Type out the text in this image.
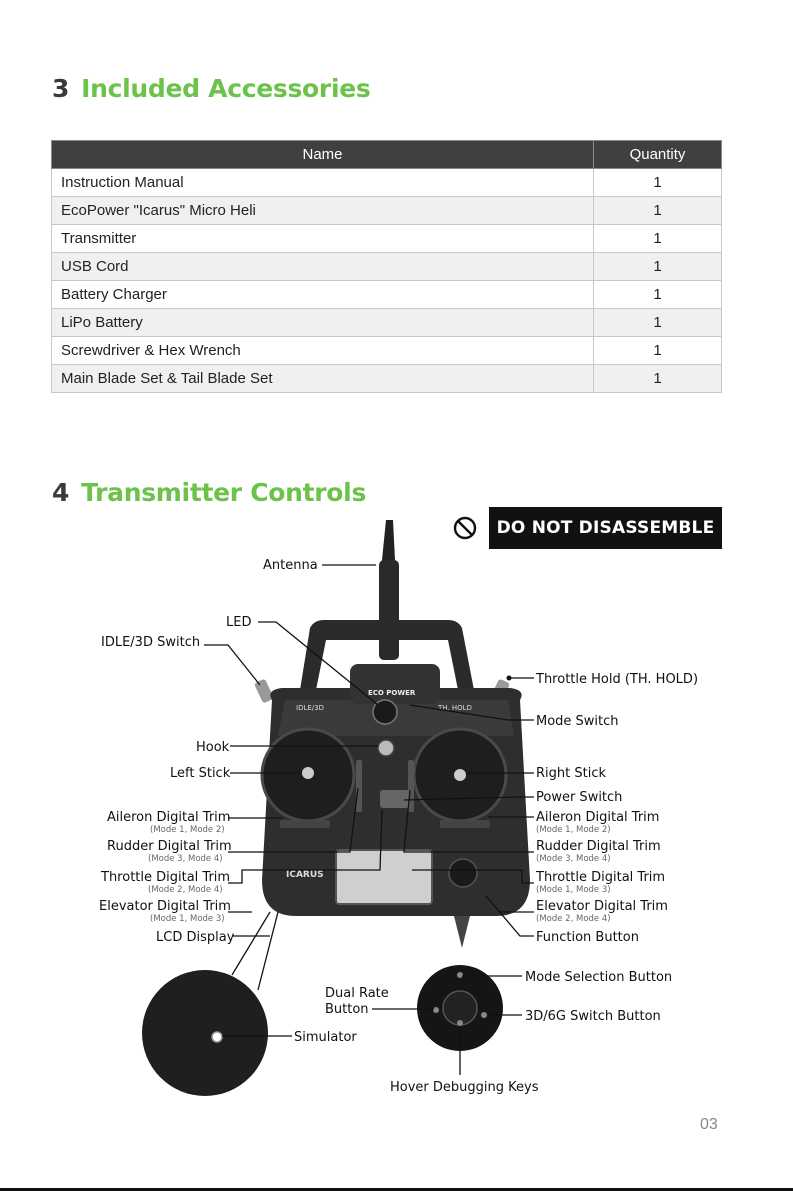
3 Included Accessories
Name	Quantity
Instruction Manual	1
EcoPower "Icarus" Micro Heli	1
Transmitter	1
USB Cord	1
Battery Charger	1
LiPo Battery	1
Screwdriver & Hex Wrench	1
Main Blade Set & Tail Blade Set	1
4 Transmitter Controls
ICARUS
IDLE/3D	TH. HOLD
ECO POWER
Antenna
LED
IDLE/3D Switch
Throttle Hold (TH. HOLD)
Mode Switch
Hook
Left Stick	Right Stick
Power Switch
Aileron Digital Trim
(Mode 1, Mode 2)
Rudder Digital Trim
(Mode 3, Mode 4)
Throttle Digital Trim
(Mode 2, Mode 4)
Elevator Digital Trim
(Mode 1, Mode 3)
Aileron Digital Trim
(Mode 1, Mode 2)
Rudder Digital Trim
(Mode 3, Mode 4)
Throttle Digital Trim
(Mode 1, Mode 3)
Elevator Digital Trim
(Mode 2, Mode 4)
LCD Display	Function Button
Mode Selection Button
Dual Rate
Button	3D/6G Switch Button
Simulator
Hover Debugging Keys
DO NOT DISASSEMBLE
03
